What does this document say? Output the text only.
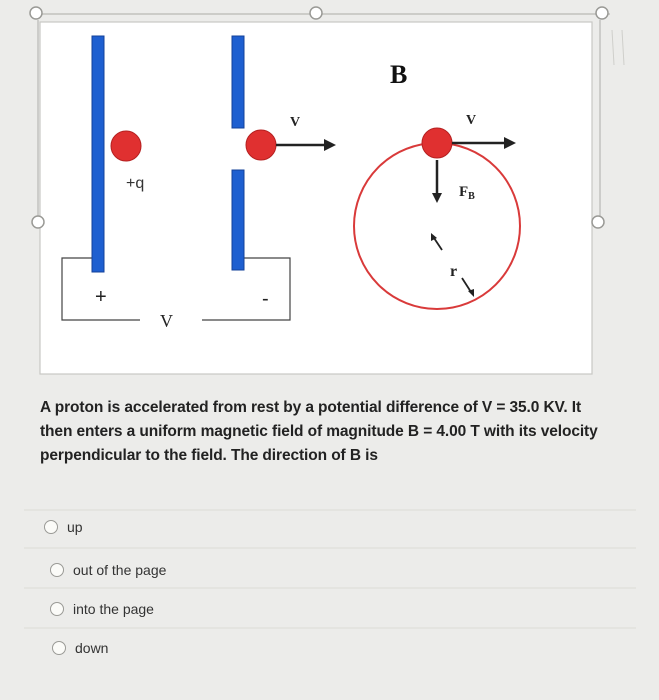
+q
+	-
V
B
V	V
$F_B$
r
A proton is accelerated from rest by a potential difference of V = 35.0 KV. It then enters a uniform magnetic field of magnitude B = 4.00 T with its velocity perpendicular to the field. The direction of B is
up
out of the page
into the page
down
